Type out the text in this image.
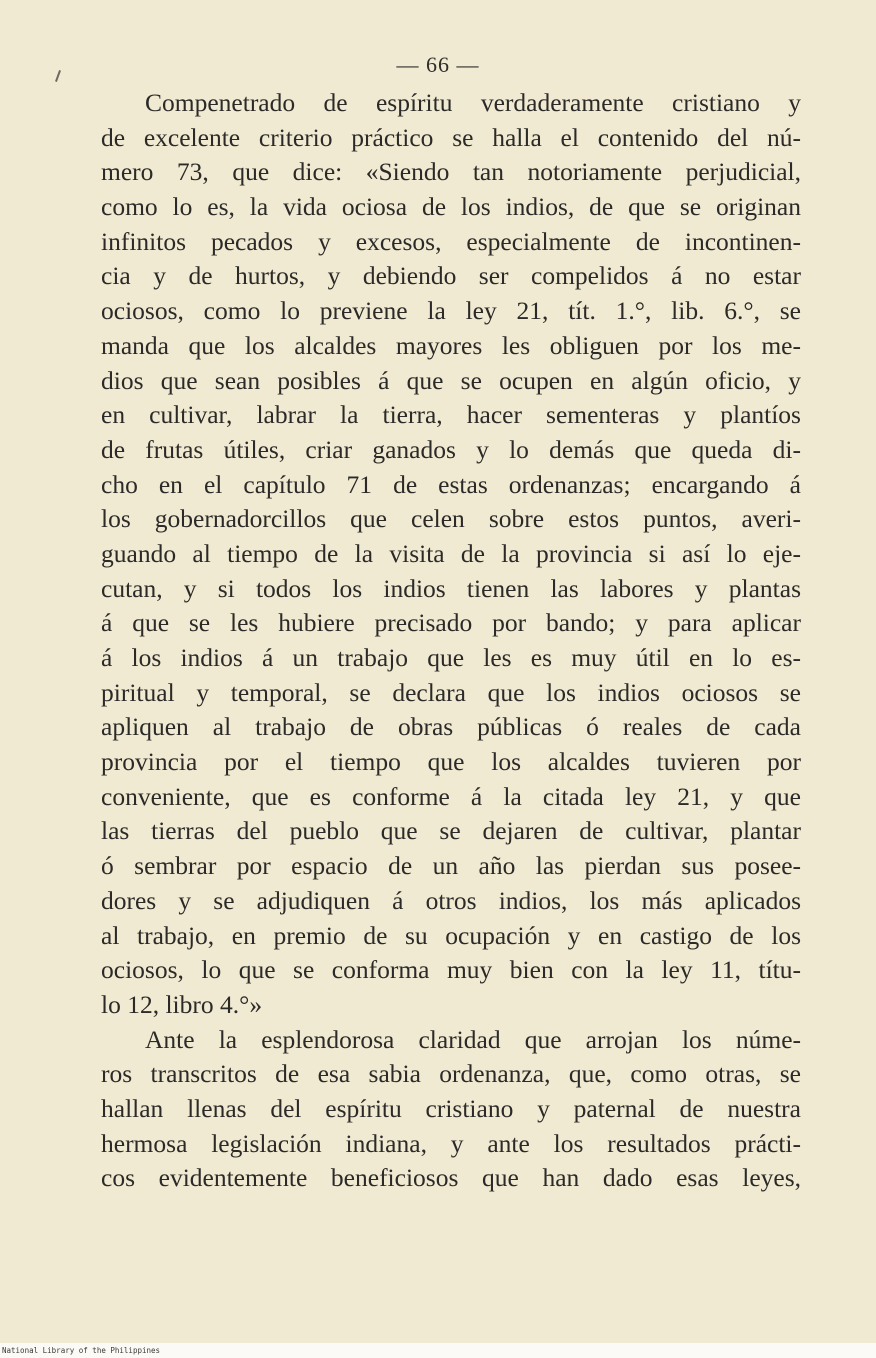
— 66 —
Compenetrado de espíritu verdaderamente cristiano y
de excelente criterio práctico se halla el contenido del nú-
mero 73, que dice: «Siendo tan notoriamente perjudicial,
como lo es, la vida ociosa de los indios, de que se originan
infinitos pecados y excesos, especialmente de incontinen-
cia y de hurtos, y debiendo ser compelidos á no estar
ociosos, como lo previene la ley 21, tít. 1.°, lib. 6.°, se
manda que los alcaldes mayores les obliguen por los me-
dios que sean posibles á que se ocupen en algún oficio, y
en cultivar, labrar la tierra, hacer sementeras y plantíos
de frutas útiles, criar ganados y lo demás que queda di-
cho en el capítulo 71 de estas ordenanzas; encargando á
los gobernadorcillos que celen sobre estos puntos, averi-
guando al tiempo de la visita de la provincia si así lo eje-
cutan, y si todos los indios tienen las labores y plantas
á que se les hubiere precisado por bando; y para aplicar
á los indios á un trabajo que les es muy útil en lo es-
piritual y temporal, se declara que los indios ociosos se
apliquen al trabajo de obras públicas ó reales de cada
provincia por el tiempo que los alcaldes tuvieren por
conveniente, que es conforme á la citada ley 21, y que
las tierras del pueblo que se dejaren de cultivar, plantar
ó sembrar por espacio de un año las pierdan sus posee-
dores y se adjudiquen á otros indios, los más aplicados
al trabajo, en premio de su ocupación y en castigo de los
ociosos, lo que se conforma muy bien con la ley 11, títu-
lo 12, libro 4.°»
Ante la esplendorosa claridad que arrojan los núme-
ros transcritos de esa sabia ordenanza, que, como otras, se
hallan llenas del espíritu cristiano y paternal de nuestra
hermosa legislación indiana, y ante los resultados prácti-
cos evidentemente beneficiosos que han dado esas leyes,
National Library of the Philippines
